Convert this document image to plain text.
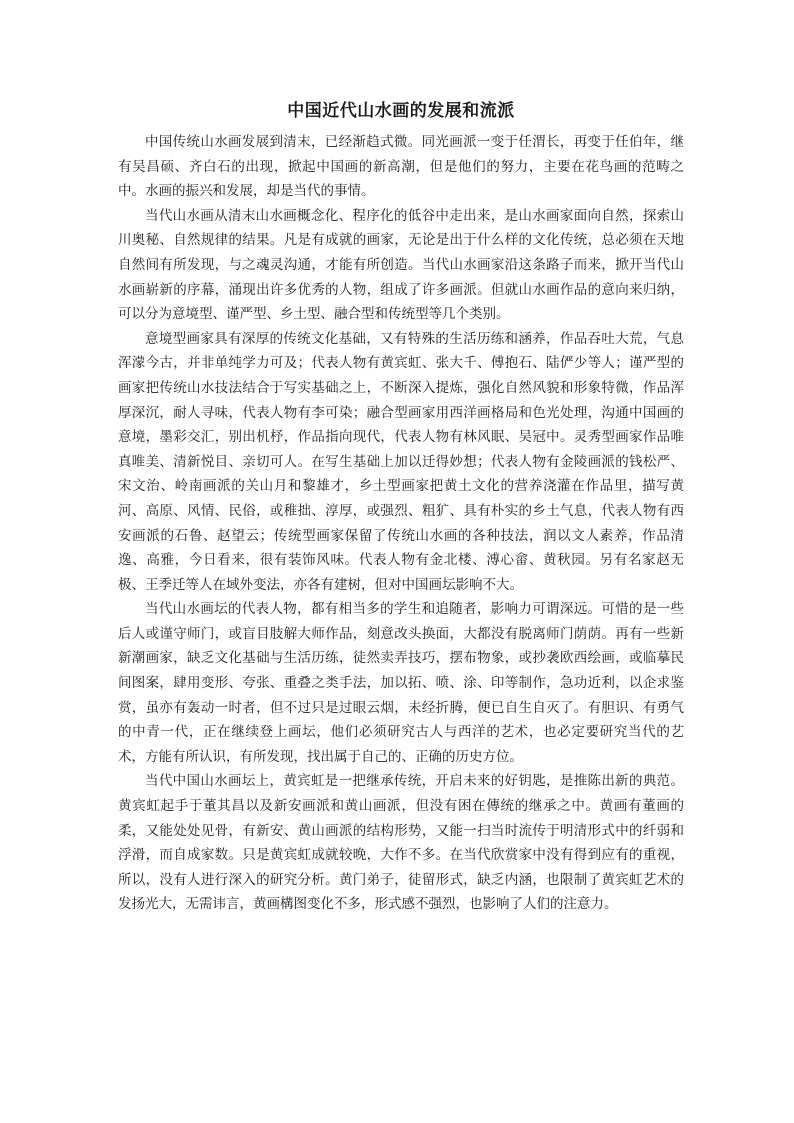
中国近代山水画的发展和流派

中国传统山水画发展到清末，已经渐趋式微。同光画派一变于任渭长，再变于任伯年，继有吴昌硕、齐白石的出现，掀起中国画的新高潮，但是他们的努力，主要在花鸟画的范畴之中。水画的振兴和发展，却是当代的事情。

当代山水画从清末山水画概念化、程序化的低谷中走出来，是山水画家面向自然，探索山川奥秘、自然规律的结果。凡是有成就的画家，无论是出于什么样的文化传统，总必须在天地自然间有所发现，与之魂灵沟通，才能有所创造。当代山水画家沿这条路子而来，掀开当代山水画崭新的序幕，涌现出许多优秀的人物，组成了许多画派。但就山水画作品的意向来归纳，可以分为意境型、谨严型、乡土型、融合型和传统型等几个类别。

意境型画家具有深厚的传统文化基础，又有特殊的生活历练和涵养，作品吞吐大荒，气息浑濛今古，并非单纯学力可及；代表人物有黄宾虹、张大千、傅抱石、陆俨少等人；谨严型的画家把传统山水技法结合于写实基础之上，不断深入提炼，强化自然风貌和形象特微，作品浑厚深沉，耐人寻味，代表人物有李可染；融合型画家用西洋画格局和色光处理，沟通中国画的意境，墨彩交汇，别出机杼，作品指向现代，代表人物有林风眠、吴冠中。灵秀型画家作品唯真唯美、清新悦目、亲切可人。在写生基础上加以迁得妙想；代表人物有金陵画派的钱松严、宋文治、岭南画派的关山月和黎雄才，乡土型画家把黄土文化的营养浇灌在作品里，描写黄河、高原、风情、民俗，或稚拙、淳厚，或强烈、粗犷、具有朴实的乡土气息，代表人物有西安画派的石鲁、赵望云；传统型画家保留了传统山水画的各种技法，润以文人素养，作品清逸、高雅，今日看来，很有装饰风味。代表人物有金北楼、溥心畲、黄秋园。另有名家赵无极、王季迁等人在域外变法，亦各有建树，但对中国画坛影响不大。

当代山水画坛的代表人物，都有相当多的学生和追随者，影响力可谓深远。可惜的是一些后人或谨守师门，或盲目肢解大师作品，刻意改头换面，大都没有脱离师门荫荫。再有一些新新潮画家，缺乏文化基础与生活历练，徒然卖弄技巧，摆布物象，或抄袭欧西绘画，或临摹民间图案，肆用变形、夸张、重叠之类手法，加以拓、喷、涂、印等制作，急功近利，以企求鉴赏，虽亦有轰动一时者，但不过只是过眼云烟，未经折腾，便已自生自灭了。有胆识、有勇气的中青一代，正在继续登上画坛，他们必须研究古人与西洋的艺术，也必定要研究当代的艺术，方能有所认识，有所发现，找出属于自己的、正确的历史方位。

当代中国山水画坛上，黄宾虹是一把继承传统，开启未来的好钥匙，是推陈出新的典范。黄宾虹起手于董其昌以及新安画派和黄山画派，但没有困在傳统的继承之中。黄画有董画的柔，又能处处见骨，有新安、黄山画派的结构形势，又能一扫当时流传于明清形式中的纤弱和浮滑，而自成家数。只是黄宾虹成就较晚，大作不多。在当代欣赏家中没有得到应有的重视，所以，没有人进行深入的研究分析。黄门弟子，徒留形式，缺乏内涵，也限制了黄宾虹艺术的发扬光大，无需讳言，黄画構图变化不多，形式感不强烈，也影响了人们的注意力。
